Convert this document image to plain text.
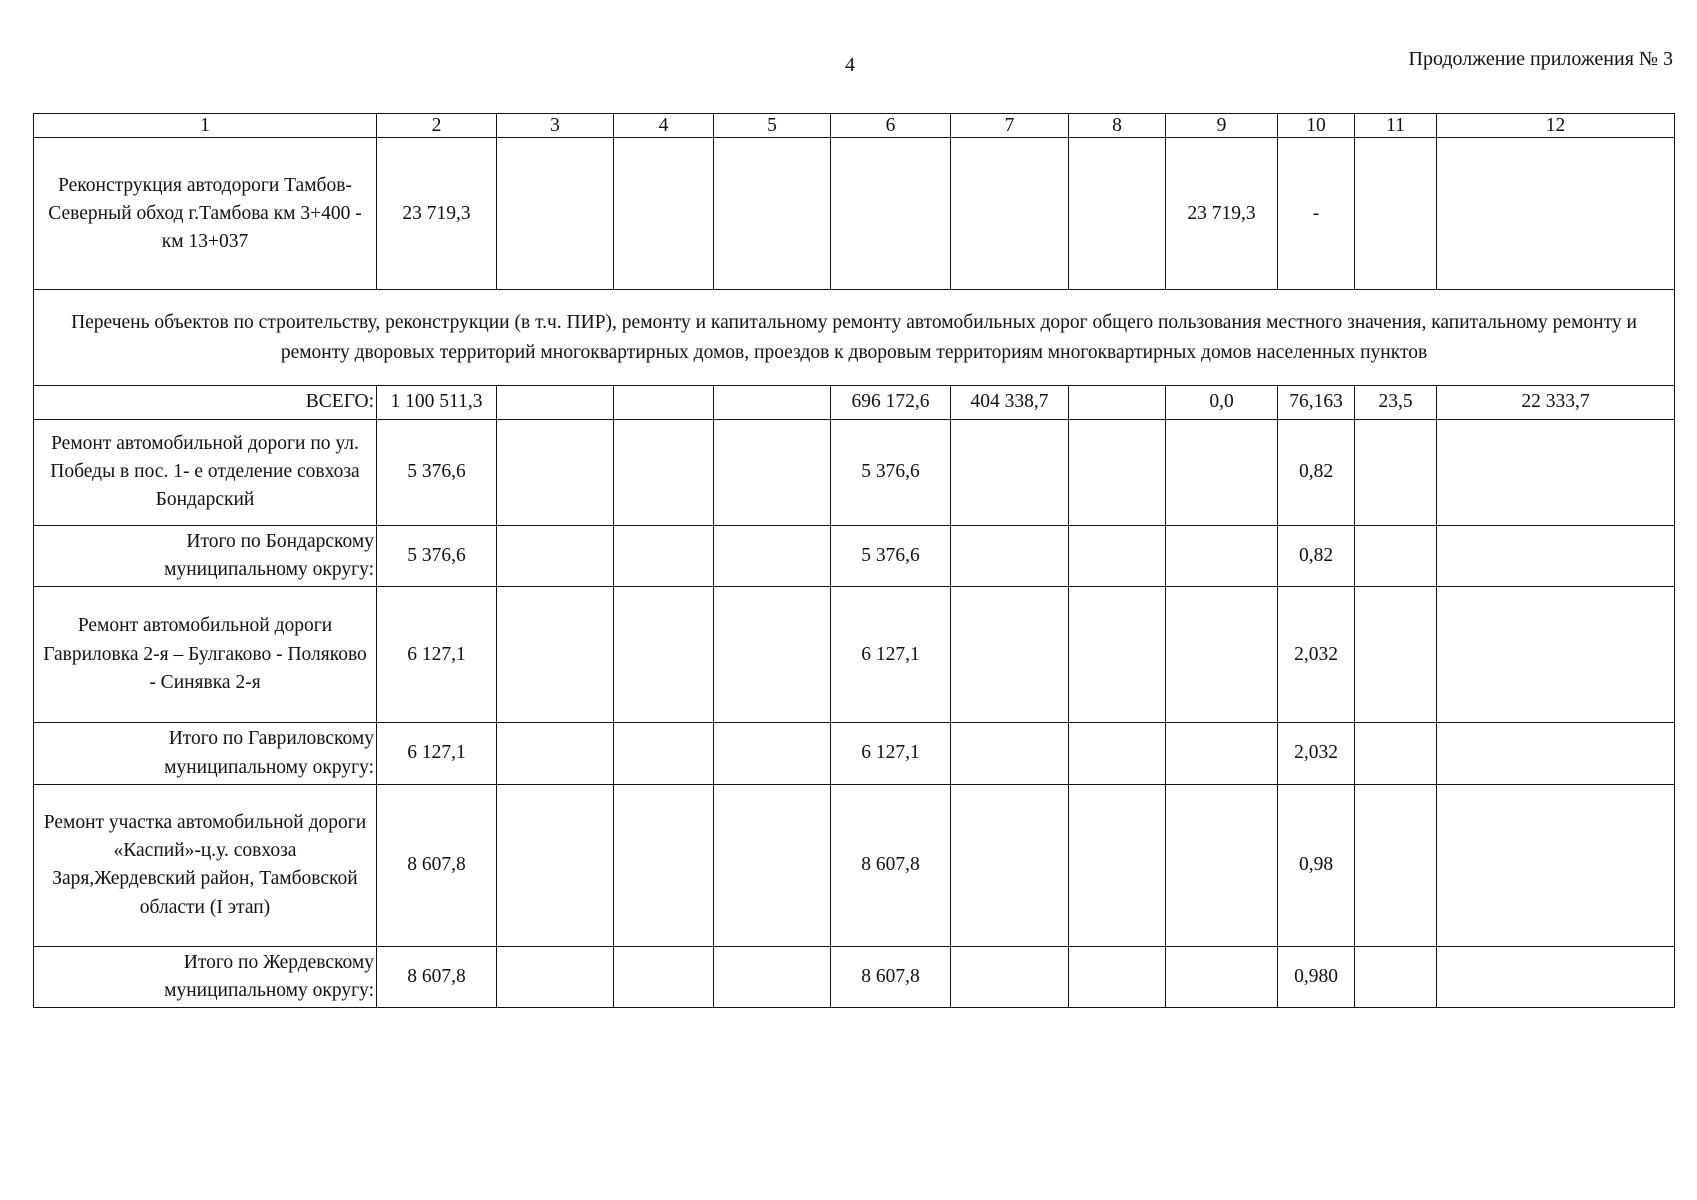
4	Продолжение приложения № 3
1	2	3	4	5	6	7	8	9	10	11	12
Реконструкция автодороги Тамбов-Северный обход г.Тамбова км 3+400 - км 13+037	23 719,3							23 719,3	-		
Перечень объектов по строительству, реконструкции (в т.ч. ПИР), ремонту и капитальному ремонту автомобильных дорог общего пользования местного значения, капитальному ремонту и ремонту дворовых территорий многоквартирных домов, проездов к дворовым территориям многоквартирных домов населенных пунктов											
ВСЕГО:	1 100 511,3				696 172,6	404 338,7		0,0	76,163	23,5	22 333,7
Ремонт автомобильной дороги по ул. Победы в пос. 1- е отделение совхоза Бондарский	5 376,6				5 376,6				0,82		
Итого по Бондарскому муниципальному округу:	5 376,6				5 376,6				0,82		
Ремонт автомобильной дороги Гавриловка 2-я – Булгаково - Поляково - Синявка 2-я	6 127,1				6 127,1				2,032		
Итого по Гавриловскому муниципальному округу:	6 127,1				6 127,1				2,032		
Ремонт участка автомобильной дороги «Каспий»-ц.у. совхоза Заря,Жердевский район, Тамбовской области (I этап)	8 607,8				8 607,8				0,98		
Итого по Жердевскому муниципальному округу:	8 607,8				8 607,8				0,980		
